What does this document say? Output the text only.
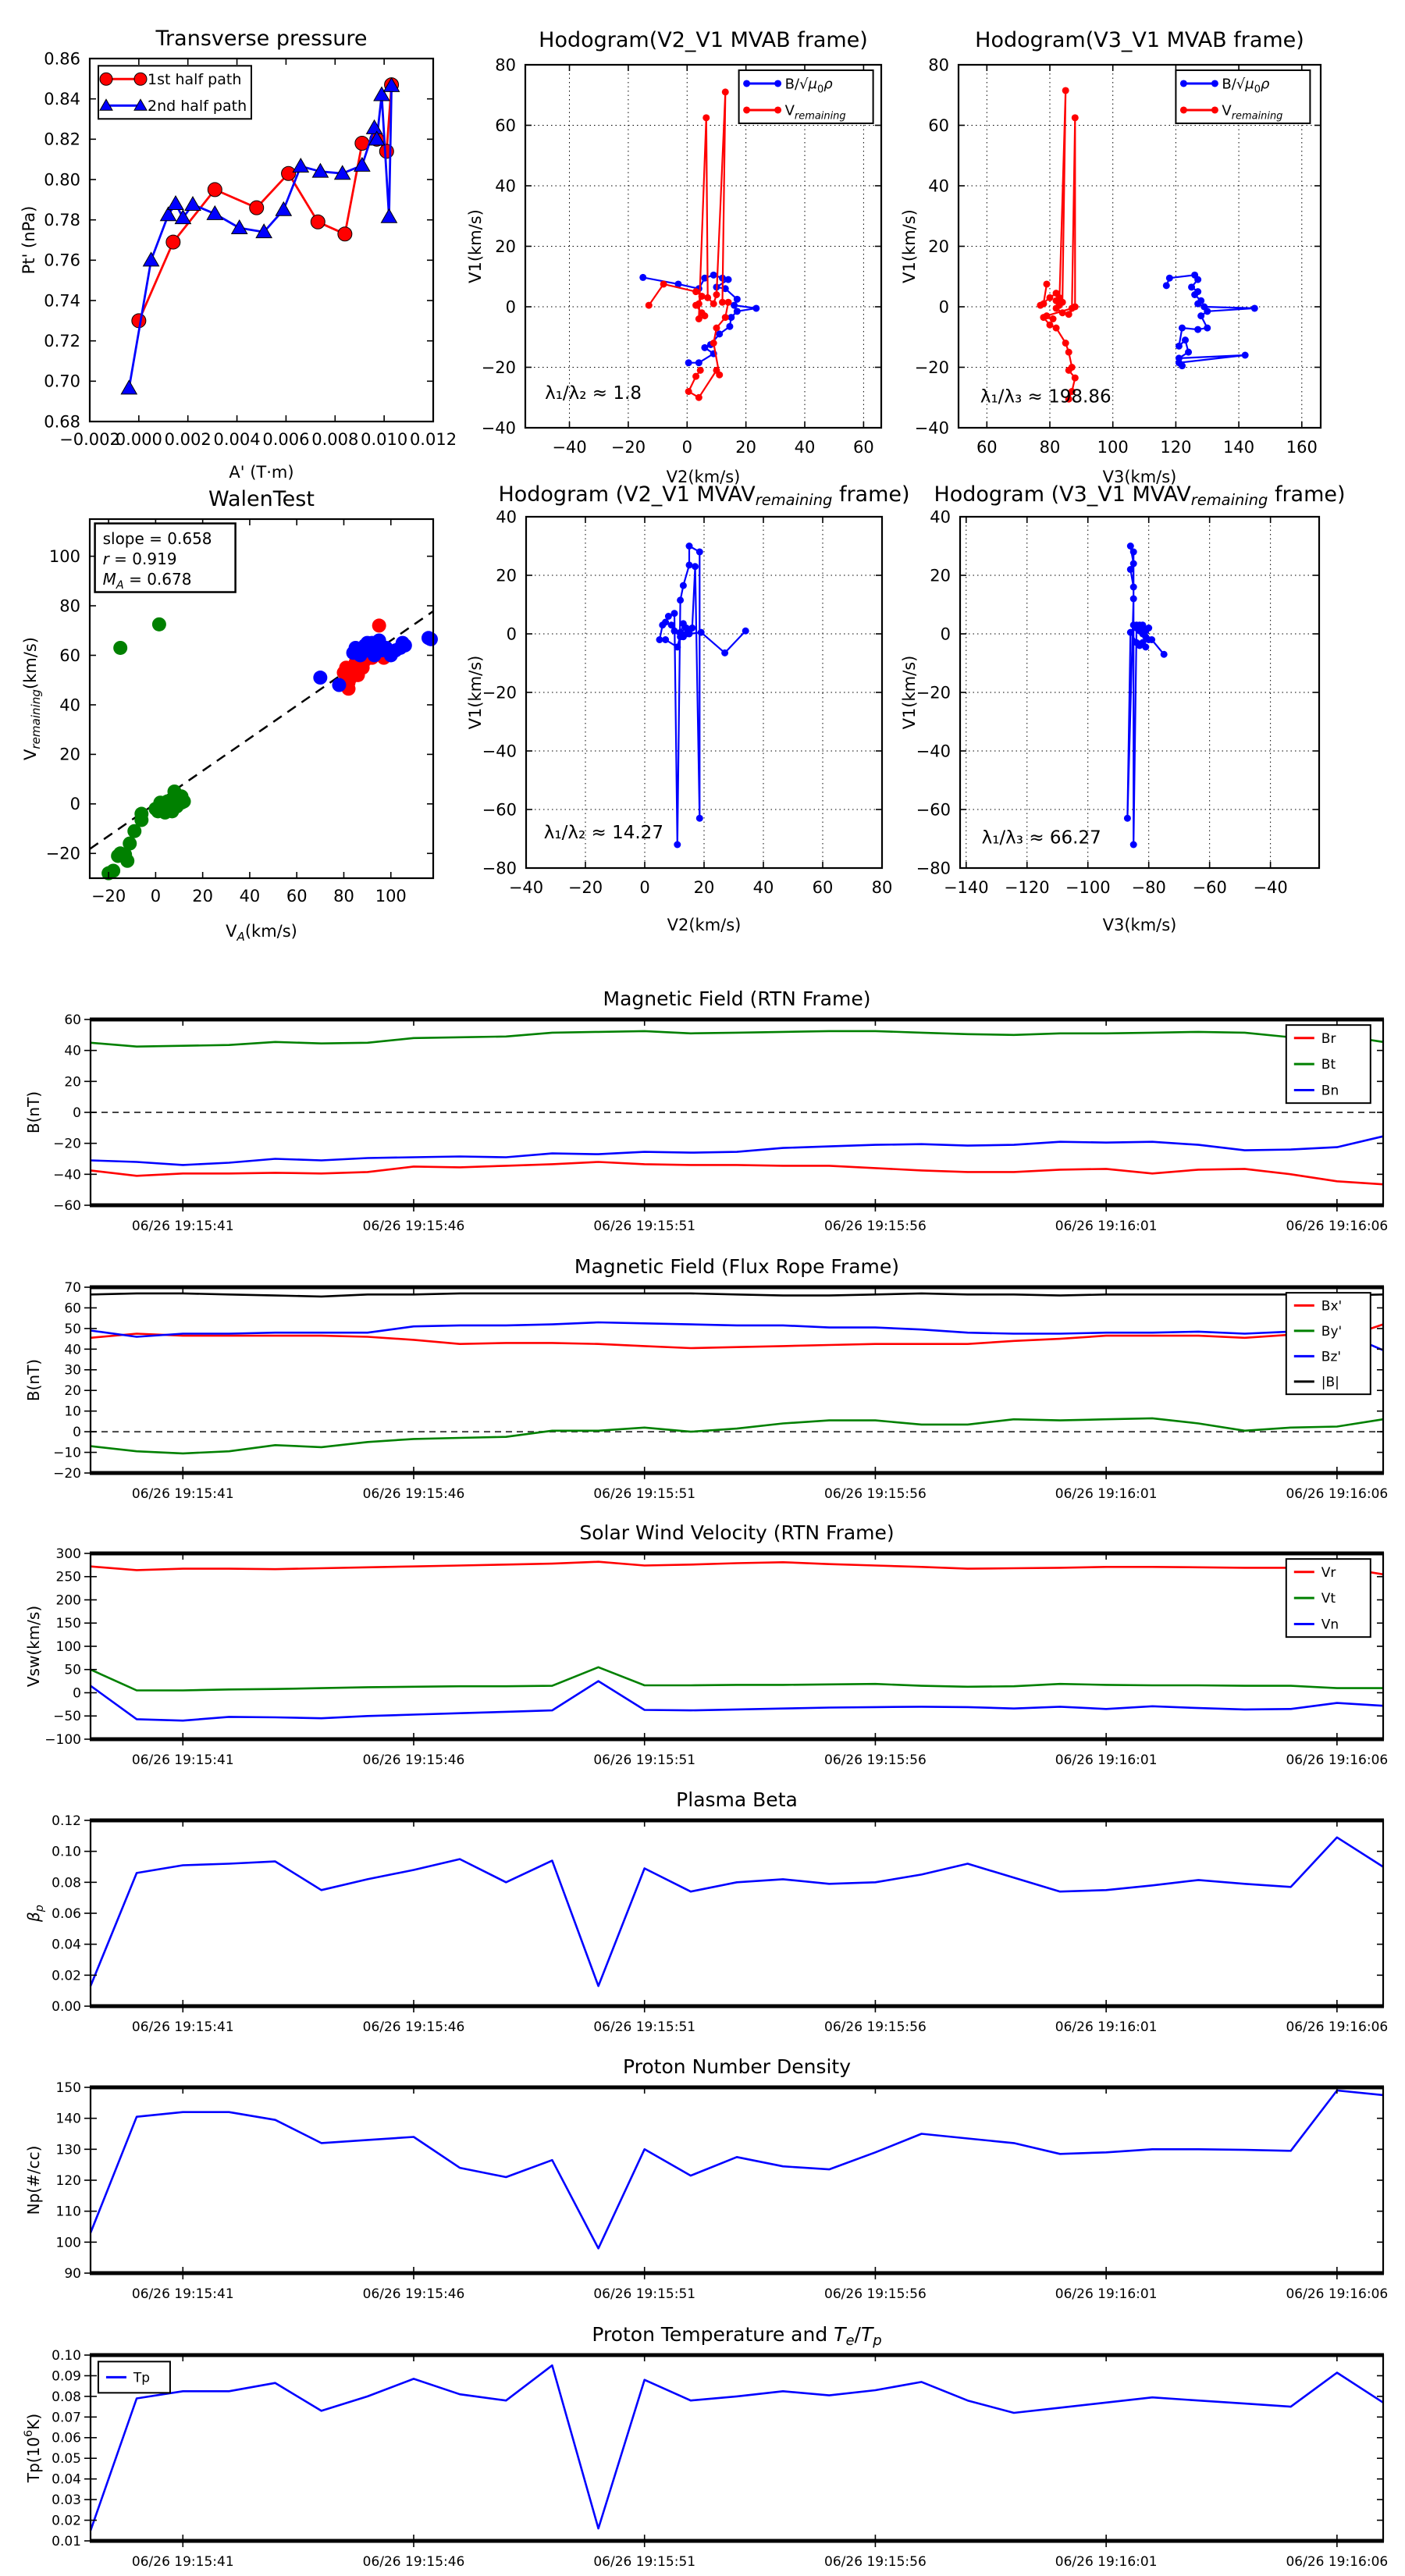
−0.002
0.000 0.002 0.004 0.006 0.008 0.010 0.012
0.68
0.70
0.72
0.74
0.76
0.78
0.80
0.82
0.84
0.86
Transverse pressure
A' (T·m)
Pt' (nPa)
1st half path
2nd half path
−40 −20 0	20 40 60
−40
−20
0
20
40
60
80
Hodogram(V2_V1 MVAB frame)
V2(km/s)
V1(km/s)
$B/√\mu_0\rho$
$V_{remaining}$
λ₁/λ₂ ≈ 1.8
60	80 100 120 140 160
−40
−20
0
20
40
60
80
Hodogram(V3_V1 MVAB frame)
V3(km/s)
V1(km/s)
$B/√\mu_0\rho$
$V_{remaining}$
λ₁/λ₃ ≈ 198.86
−20 0 20 40 60 80 100
−20
0
20
40
60
80
100
WalenTest
$V_A(km/s)$
$V_{remaining}(km/s)$
slope = 0.658
r = 0.919
$M_A = 0.678$
−40 −20 0	20 40 60 80
−80
−60
−40
−20
0
20
40
Hodogram (V2_V1 MVAVremaining frame)
V2(km/s)
V1(km/s)
λ₁/λ₂ ≈ 14.27
−140 −120 −100 −80 −60 −40
−80
−60
−40
−20
0
20
40
Hodogram (V3_V1 MVAVremaining frame)
V3(km/s)
V1(km/s)
λ₁/λ₃ ≈ 66.27
06/26 19:15:41	06/26 19:15:46	06/26 19:15:51	06/26 19:15:56	06/26 19:16:01	06/26 19:16:06
−60
−40
−20
0
20
40
60
Magnetic Field (RTN Frame)
B(nT)
Br
Bt
Bn
06/26 19:15:41	06/26 19:15:46	06/26 19:15:51	06/26 19:15:56	06/26 19:16:01	06/26 19:16:06
−20
−10
0
10
20
30
40
50
60
70
Magnetic Field (Flux Rope Frame)
B(nT)
Bx'
By'
Bz'
|B|
06/26 19:15:41	06/26 19:15:46	06/26 19:15:51	06/26 19:15:56	06/26 19:16:01	06/26 19:16:06
−100
−50
0
50
100
150
200
250
300
Solar Wind Velocity (RTN Frame)
Vsw(km/s)
Vr
Vt
Vn
06/26 19:15:41	06/26 19:15:46	06/26 19:15:51	06/26 19:15:56	06/26 19:16:01	06/26 19:16:06
0.00
0.02
0.04
0.06
0.08
0.10
0.12
Plasma Beta
$\beta_p$
06/26 19:15:41	06/26 19:15:46	06/26 19:15:51	06/26 19:15:56	06/26 19:16:01	06/26 19:16:06
90
100
110
120
130
140
150
Proton Number Density
Np(#/cc)
06/26 19:15:41	06/26 19:15:46	06/26 19:15:51	06/26 19:15:56	06/26 19:16:01	06/26 19:16:06
0.01
0.02
0.03
0.04
0.05
0.06
0.07
0.08
0.09
0.10
Proton Temperature and $T_e/T_p$
$Tp(10^6K)$
Tp
